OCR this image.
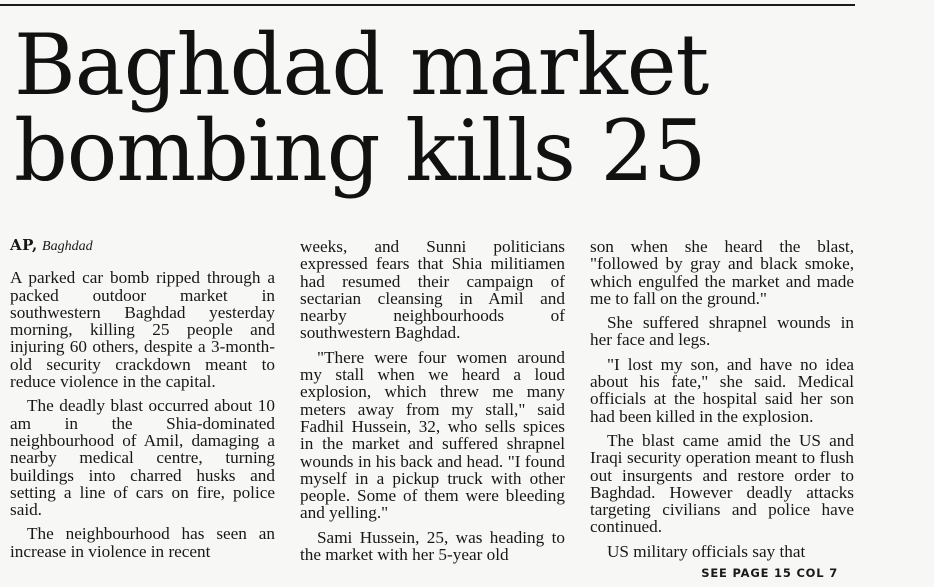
Baghdad market
bombing kills 25
AP, Baghdad

A parked car bomb ripped through a packed outdoor market in southwestern Baghdad yesterday morning, killing 25 people and injuring 60 others, despite a 3-month-old security crackdown meant to reduce violence in the capital.

The deadly blast occurred about 10 am in the Shia-dominated neighbourhood of Amil, damaging a nearby medical centre, turning buildings into charred husks and setting a line of cars on fire, police said.

The neighbourhood has seen an increase in violence in recent

weeks, and Sunni politicians expressed fears that Shia militiamen had resumed their campaign of sectarian cleansing in Amil and nearby neighbourhoods of southwestern Baghdad.

"There were four women around my stall when we heard a loud explosion, which threw me many meters away from my stall," said Fadhil Hussein, 32, who sells spices in the market and suffered shrapnel wounds in his back and head. "I found myself in a pickup truck with other people. Some of them were bleeding and yelling."

Sami Hussein, 25, was heading to the market with her 5-year old

son when she heard the blast, "followed by gray and black smoke, which engulfed the market and made me to fall on the ground."

She suffered shrapnel wounds in her face and legs.

"I lost my son, and have no idea about his fate," she said. Medical officials at the hospital said her son had been killed in the explosion.

The blast came amid the US and Iraqi security operation meant to flush out insurgents and restore order to Baghdad. However deadly attacks targeting civilians and police have continued.

US military officials say that

SEE PAGE 15 COL 7
